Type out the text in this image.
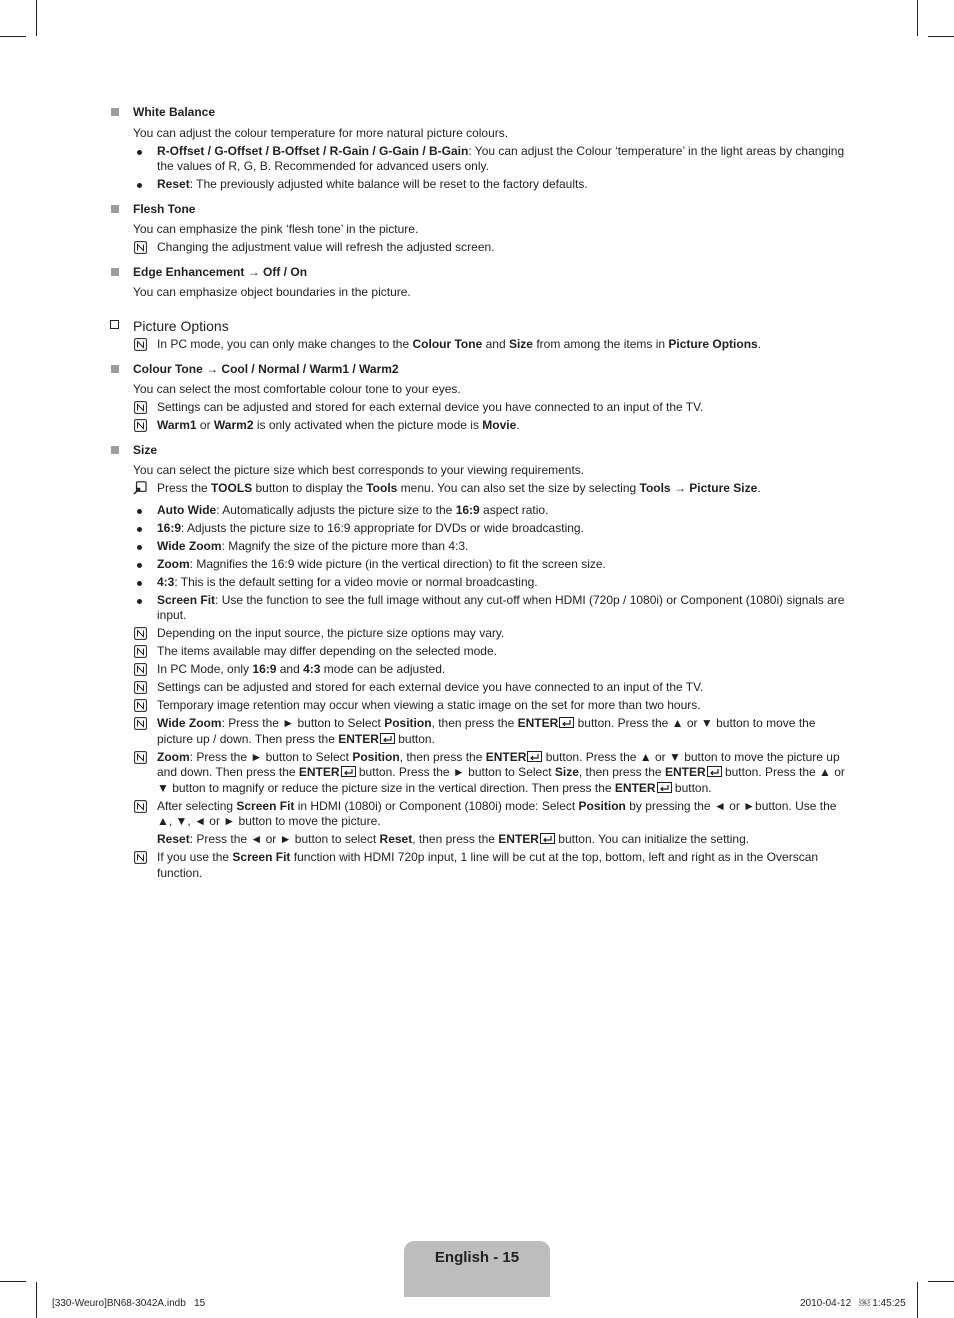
White Balance
You can adjust the colour temperature for more natural picture colours.
R-Offset / G-Offset / B-Offset / R-Gain / G-Gain / B-Gain: You can adjust the Colour ‘temperature’ in the light areas by changing the values of R, G, B. Recommended for advanced users only.
Reset: The previously adjusted white balance will be reset to the factory defaults.
Flesh Tone
You can emphasize the pink ‘flesh tone’ in the picture.
Changing the adjustment value will refresh the adjusted screen.
Edge Enhancement → Off / On
You can emphasize object boundaries in the picture.
Picture Options
In PC mode, you can only make changes to the Colour Tone and Size from among the items in Picture Options.
Colour Tone → Cool / Normal / Warm1 / Warm2
You can select the most comfortable colour tone to your eyes.
Settings can be adjusted and stored for each external device you have connected to an input of the TV.
Warm1 or Warm2 is only activated when the picture mode is Movie.
Size
You can select the picture size which best corresponds to your viewing requirements.
Press the TOOLS button to display the Tools menu. You can also set the size by selecting Tools → Picture Size.
Auto Wide: Automatically adjusts the picture size to the 16:9 aspect ratio.
16:9: Adjusts the picture size to 16:9 appropriate for DVDs or wide broadcasting.
Wide Zoom: Magnify the size of the picture more than 4:3.
Zoom: Magnifies the 16:9 wide picture (in the vertical direction) to fit the screen size.
4:3: This is the default setting for a video movie or normal broadcasting.
Screen Fit: Use the function to see the full image without any cut-off when HDMI (720p / 1080i) or Component (1080i) signals are input.
Depending on the input source, the picture size options may vary.
The items available may differ depending on the selected mode.
In PC Mode, only 16:9 and 4:3 mode can be adjusted.
Settings can be adjusted and stored for each external device you have connected to an input of the TV.
Temporary image retention may occur when viewing a static image on the set for more than two hours.
Wide Zoom: Press the ► button to Select Position, then press the ENTER button. Press the ▲ or ▼ button to move the picture up / down. Then press the ENTER button.
Zoom: Press the ► button to Select Position, then press the ENTER button. Press the ▲ or ▼ button to move the picture up and down. Then press the ENTER button. Press the ► button to Select Size, then press the ENTER button. Press the ▲ or ▼ button to magnify or reduce the picture size in the vertical direction. Then press the ENTER button.
After selecting Screen Fit in HDMI (1080i) or Component (1080i) mode: Select Position by pressing the ◄ or ►button. Use the ▲, ▼, ◄ or ► button to move the picture.
Reset: Press the ◄ or ► button to select Reset, then press the ENTER button. You can initialize the setting.
If you use the Screen Fit function with HDMI 720p input, 1 line will be cut at the top, bottom, left and right as in the Overscan function.
English - 15
[330-Weuro]BN68-3042A.indb   15	2010-04-12   ￼ 1:45:25
